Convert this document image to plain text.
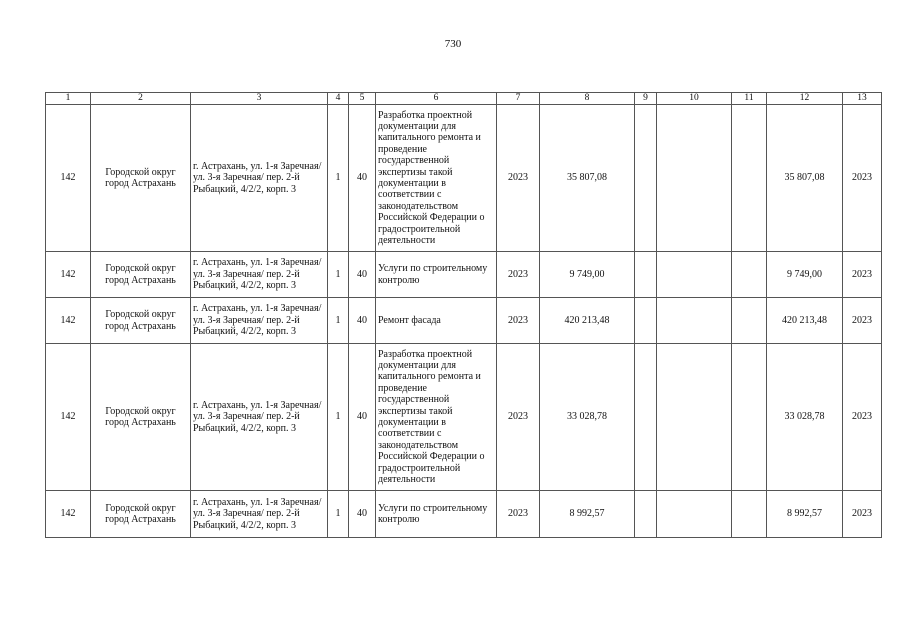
730
1	2	3	4	5	6	7	8	9	10	11	12	13
142	Городской округ город Астрахань	г. Астрахань, ул. 1-я Заречная/ ул. 3-я Заречная/ пер. 2-й Рыбацкий, 4/2/2, корп. 3	1	40	Разработка проектной документации для капитального ремонта и проведение государственной экспертизы такой документации в соответствии с законодательством Российской Федерации о градостроительной деятельности	2023	35 807,08				35 807,08	2023
142	Городской округ город Астрахань	г. Астрахань, ул. 1-я Заречная/ ул. 3-я Заречная/ пер. 2-й Рыбацкий, 4/2/2, корп. 3	1	40	Услуги по строительному контролю	2023	9 749,00				9 749,00	2023
142	Городской округ город Астрахань	г. Астрахань, ул. 1-я Заречная/ ул. 3-я Заречная/ пер. 2-й Рыбацкий, 4/2/2, корп. 3	1	40	Ремонт фасада	2023	420 213,48				420 213,48	2023
142	Городской округ город Астрахань	г. Астрахань, ул. 1-я Заречная/ ул. 3-я Заречная/ пер. 2-й Рыбацкий, 4/2/2, корп. 3	1	40	Разработка проектной документации для капитального ремонта и проведение государственной экспертизы такой документации в соответствии с законодательством Российской Федерации о градостроительной деятельности	2023	33 028,78				33 028,78	2023
142	Городской округ город Астрахань	г. Астрахань, ул. 1-я Заречная/ ул. 3-я Заречная/ пер. 2-й Рыбацкий, 4/2/2, корп. 3	1	40	Услуги по строительному контролю	2023	8 992,57				8 992,57	2023
